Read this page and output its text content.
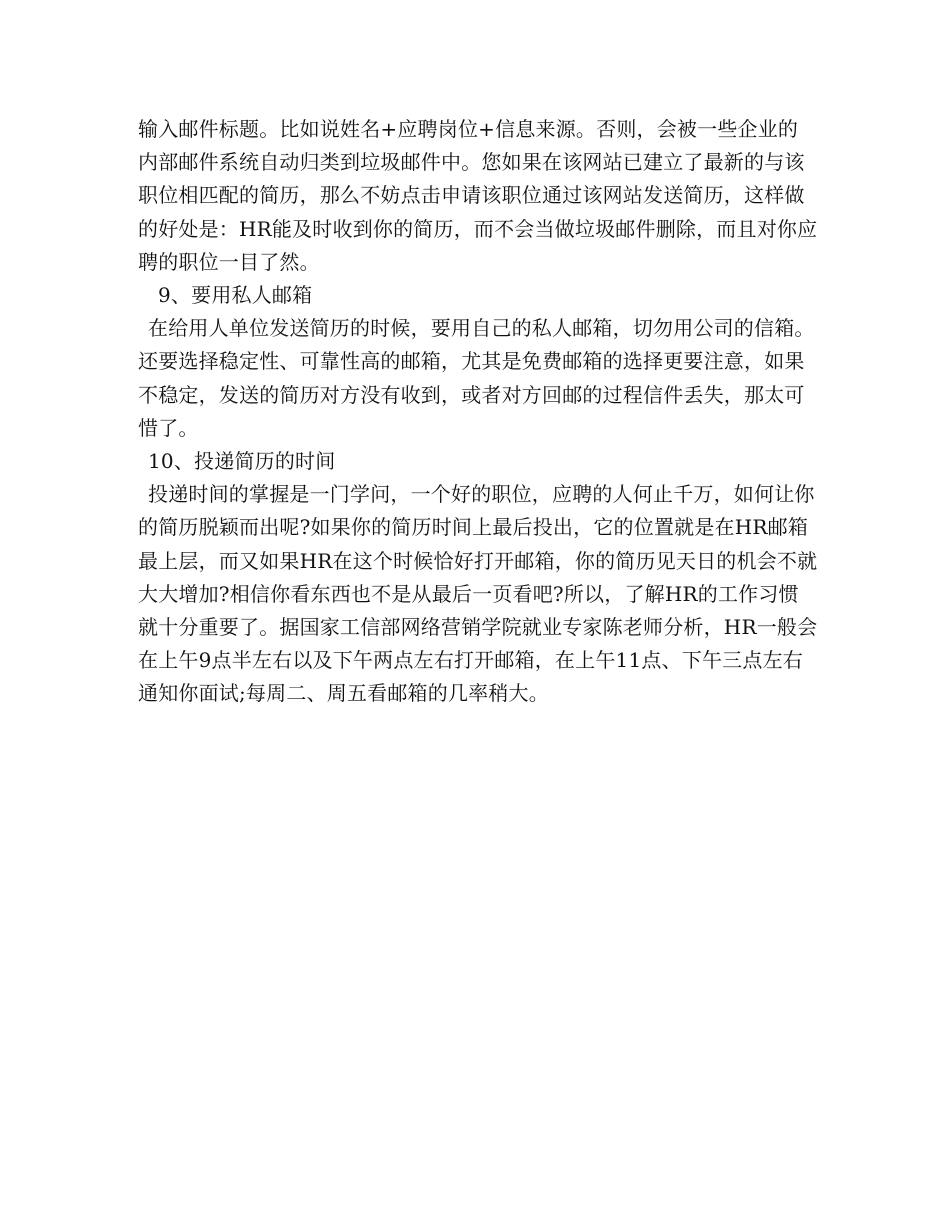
输入邮件标题。比如说姓名+应聘岗位+信息来源。否则，会被一些企业的内部邮件系统自动归类到垃圾邮件中。您如果在该网站已建立了最新的与该职位相匹配的简历，那么不妨点击申请该职位通过该网站发送简历，这样做的好处是：HR能及时收到你的简历，而不会当做垃圾邮件删除，而且对你应聘的职位一目了然。

9、要用私人邮箱

在给用人单位发送简历的时候，要用自己的私人邮箱，切勿用公司的信箱。还要选择稳定性、可靠性高的邮箱，尤其是免费邮箱的选择更要注意，如果不稳定，发送的简历对方没有收到，或者对方回邮的过程信件丢失，那太可惜了。

10、投递简历的时间

投递时间的掌握是一门学问，一个好的职位，应聘的人何止千万，如何让你的简历脱颖而出呢?如果你的简历时间上最后投出，它的位置就是在HR邮箱最上层，而又如果HR在这个时候恰好打开邮箱，你的简历见天日的机会不就大大增加?相信你看东西也不是从最后一页看吧?所以，了解HR的工作习惯就十分重要了。据国家工信部网络营销学院就业专家陈老师分析，HR一般会在上午9点半左右以及下午两点左右打开邮箱，在上午11点、下午三点左右通知你面试;每周二、周五看邮箱的几率稍大。
